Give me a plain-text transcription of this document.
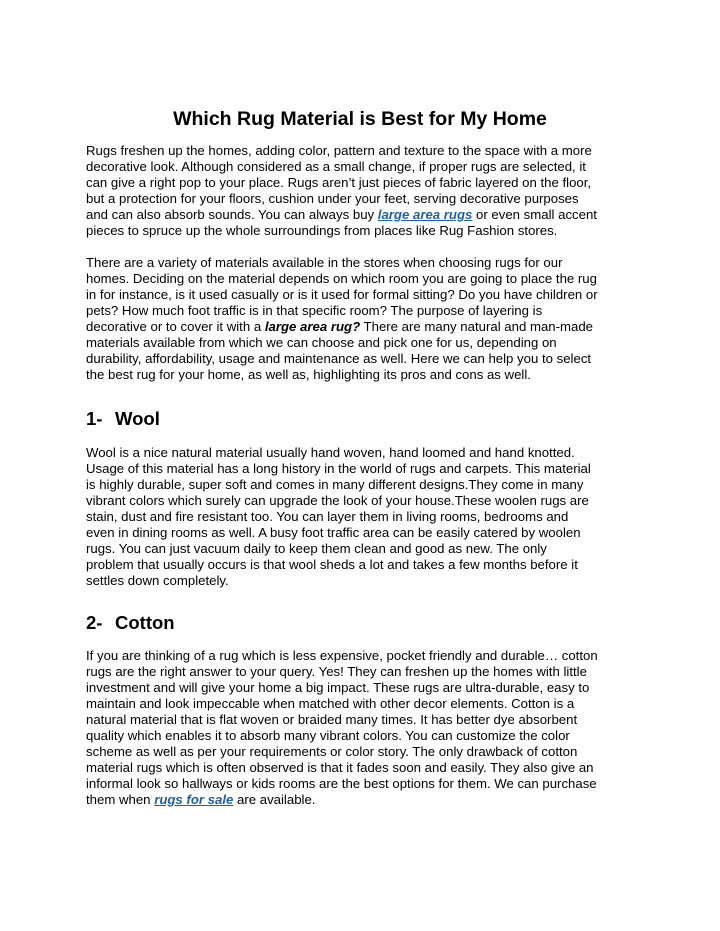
Which Rug Material is Best for My Home
Rugs freshen up the homes, adding color, pattern and texture to the space with a more
decorative look. Although considered as a small change, if proper rugs are selected, it
can give a right pop to your place. Rugs aren’t just pieces of fabric layered on the floor,
but a protection for your floors, cushion under your feet, serving decorative purposes
and can also absorb sounds. You can always buy large area rugs or even small accent
pieces to spruce up the whole surroundings from places like Rug Fashion stores.
There are a variety of materials available in the stores when choosing rugs for our
homes. Deciding on the material depends on which room you are going to place the rug
in for instance, is it used casually or is it used for formal sitting? Do you have children or
pets? How much foot traffic is in that specific room? The purpose of layering is
decorative or to cover it with a large area rug? There are many natural and man-made
materials available from which we can choose and pick one for us, depending on
durability, affordability, usage and maintenance as well. Here we can help you to select
the best rug for your home, as well as, highlighting its pros and cons as well.
1- Wool
Wool is a nice natural material usually hand woven, hand loomed and hand knotted.
Usage of this material has a long history in the world of rugs and carpets. This material
is highly durable, super soft and comes in many different designs.They come in many
vibrant colors which surely can upgrade the look of your house.These woolen rugs are
stain, dust and fire resistant too. You can layer them in living rooms, bedrooms and
even in dining rooms as well. A busy foot traffic area can be easily catered by woolen
rugs. You can just vacuum daily to keep them clean and good as new. The only
problem that usually occurs is that wool sheds a lot and takes a few months before it
settles down completely.
2- Cotton
If you are thinking of a rug which is less expensive, pocket friendly and durable… cotton
rugs are the right answer to your query. Yes! They can freshen up the homes with little
investment and will give your home a big impact. These rugs are ultra-durable, easy to
maintain and look impeccable when matched with other decor elements. Cotton is a
natural material that is flat woven or braided many times. It has better dye absorbent
quality which enables it to absorb many vibrant colors. You can customize the color
scheme as well as per your requirements or color story. The only drawback of cotton
material rugs which is often observed is that it fades soon and easily. They also give an
informal look so hallways or kids rooms are the best options for them. We can purchase
them when rugs for sale are available.
